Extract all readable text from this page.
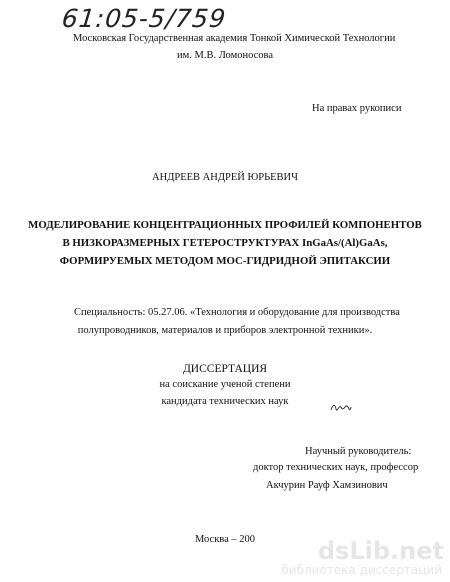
61:05-5/759
Московская Государственная академия Тонкой Химической Технологии
им. М.В. Ломоносова
На правах рукописи
АНДРЕЕВ АНДРЕЙ ЮРЬЕВИЧ
МОДЕЛИРОВАНИЕ КОНЦЕНТРАЦИОННЫХ ПРОФИЛЕЙ КОМПОНЕНТОВ
В НИЗКОРАЗМЕРНЫХ ГЕТЕРОСТРУКТУРАХ InGaAs/(Al)GaAs,
ФОРМИРУЕМЫХ МЕТОДОМ МОС-ГИДРИДНОЙ ЭПИТАКСИИ
Специальность: 05.27.06. «Технология и оборудование для производства
полупроводников, материалов и приборов электронной техники».
ДИССЕРТАЦИЯ
на соискание ученой степени
кандидата технических наук
Научный руководитель:
доктор технических наук, профессор
Акчурин Рауф Хамзинович
Москва – 200	dsLib.net
библиотека диссертаций
